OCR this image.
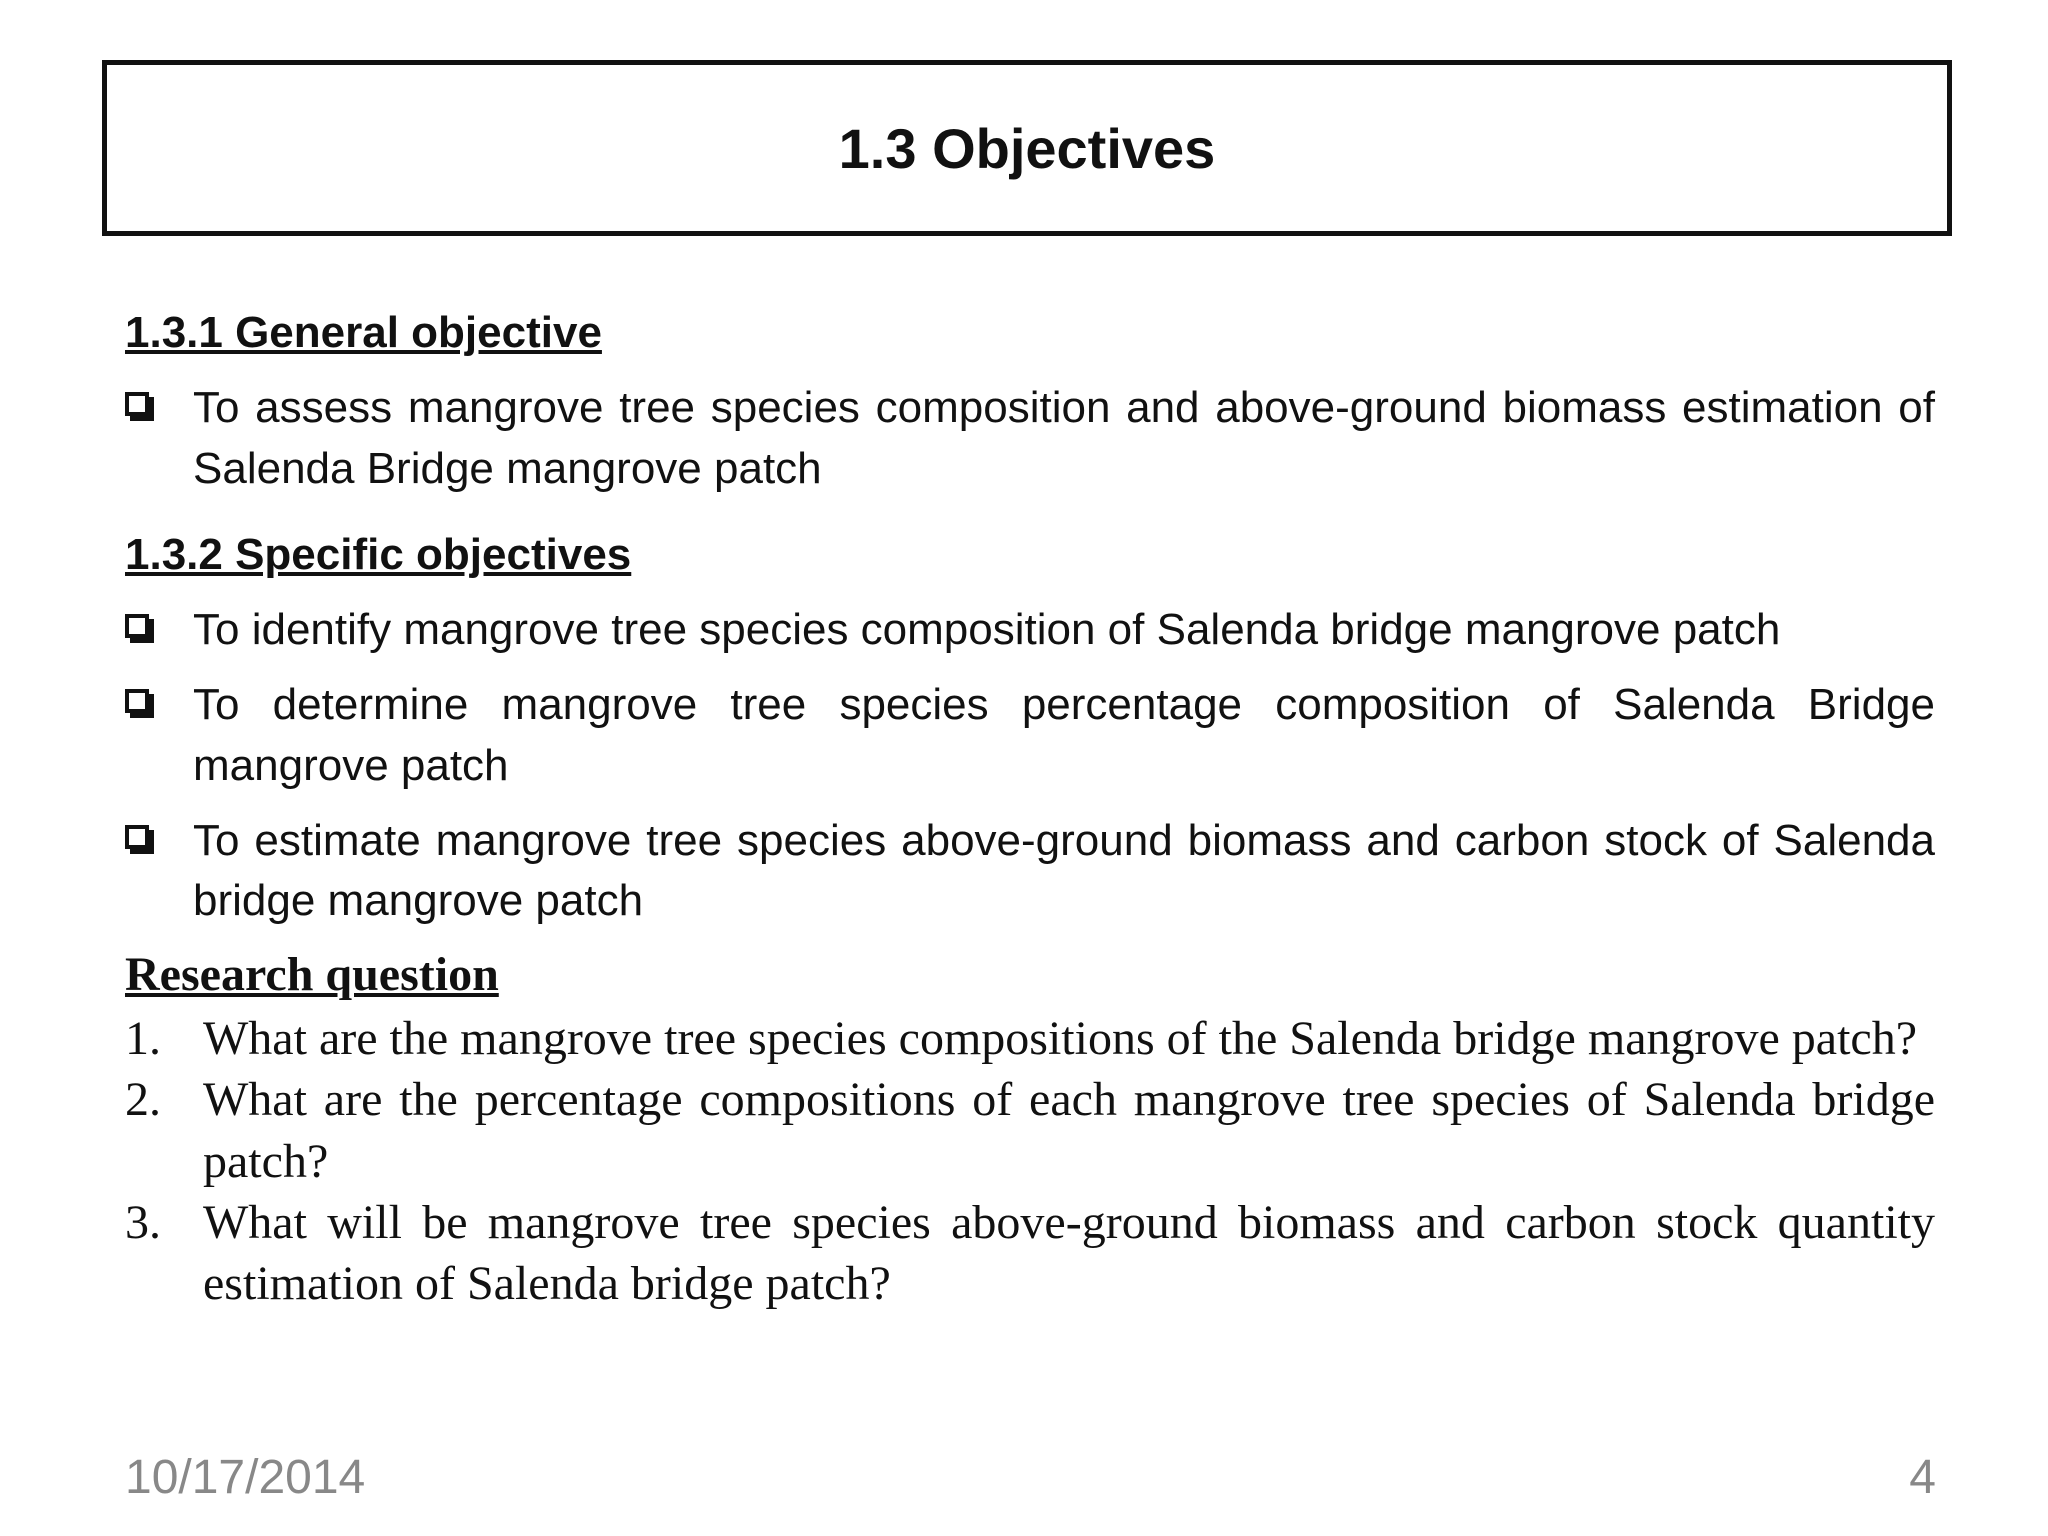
1.3 Objectives
1.3.1 General objective
To assess mangrove tree species composition and above-ground biomass estimation of Salenda Bridge mangrove patch
1.3.2 Specific objectives
To identify mangrove tree species composition of Salenda bridge mangrove patch
To determine mangrove tree species percentage composition of Salenda Bridge mangrove patch
To estimate mangrove tree species above-ground biomass and carbon stock of Salenda bridge mangrove patch
Research question
1. What are the mangrove tree species compositions of the Salenda bridge mangrove patch?
2. What are the percentage compositions of each mangrove tree species of Salenda bridge patch?
3. What will be mangrove tree species above-ground biomass and carbon stock quantity estimation of Salenda bridge patch?
10/17/2014	4
